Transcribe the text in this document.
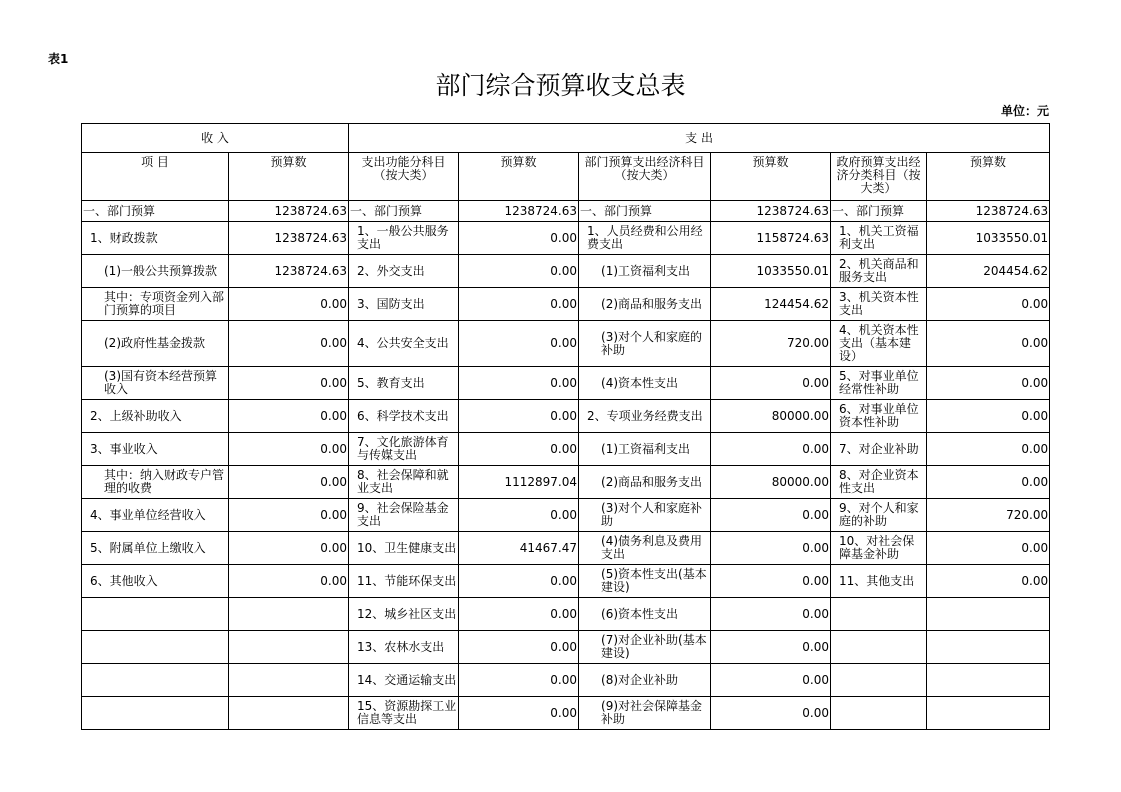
表1
部门综合预算收支总表
单位：元
收 入		支 出					
项 目	预算数	支出功能分科目（按大类）	预算数	部门预算支出经济科目（按大类）	预算数	政府预算支出经济分类科目（按大类）	预算数
一、部门预算	1238724.63	一、部门预算	1238724.63	一、部门预算	1238724.63	一、部门预算	1238724.63
1、财政拨款	1238724.63	1、一般公共服务支出	0.00	1、人员经费和公用经费支出	1158724.63	1、机关工资福利支出	1033550.01
(1)一般公共预算拨款	1238724.63	2、外交支出	0.00	(1)工资福利支出	1033550.01	2、机关商品和服务支出	204454.62
其中：专项资金列入部门预算的项目	0.00	3、国防支出	0.00	(2)商品和服务支出	124454.62	3、机关资本性支出	0.00
(2)政府性基金拨款	0.00	4、公共安全支出	0.00	(3)对个人和家庭的补助	720.00	4、机关资本性支出（基本建设）	0.00
(3)国有资本经营预算收入	0.00	5、教育支出	0.00	(4)资本性支出	0.00	5、对事业单位经常性补助	0.00
2、上级补助收入	0.00	6、科学技术支出	0.00	2、专项业务经费支出	80000.00	6、对事业单位资本性补助	0.00
3、事业收入	0.00	7、文化旅游体育与传媒支出	0.00	(1)工资福利支出	0.00	7、对企业补助	0.00
其中：纳入财政专户管理的收费	0.00	8、社会保障和就业支出	1112897.04	(2)商品和服务支出	80000.00	8、对企业资本性支出	0.00
4、事业单位经营收入	0.00	9、社会保险基金支出	0.00	(3)对个人和家庭补助	0.00	9、对个人和家庭的补助	720.00
5、附属单位上缴收入	0.00	10、卫生健康支出	41467.47	(4)债务利息及费用支出	0.00	10、对社会保障基金补助	0.00
6、其他收入	0.00	11、节能环保支出	0.00	(5)资本性支出(基本建设)	0.00	11、其他支出	0.00
		12、城乡社区支出	0.00	(6)资本性支出	0.00		
		13、农林水支出	0.00	(7)对企业补助(基本建设)	0.00		
		14、交通运输支出	0.00	(8)对企业补助	0.00		
		15、资源勘探工业信息等支出	0.00	(9)对社会保障基金补助	0.00		
